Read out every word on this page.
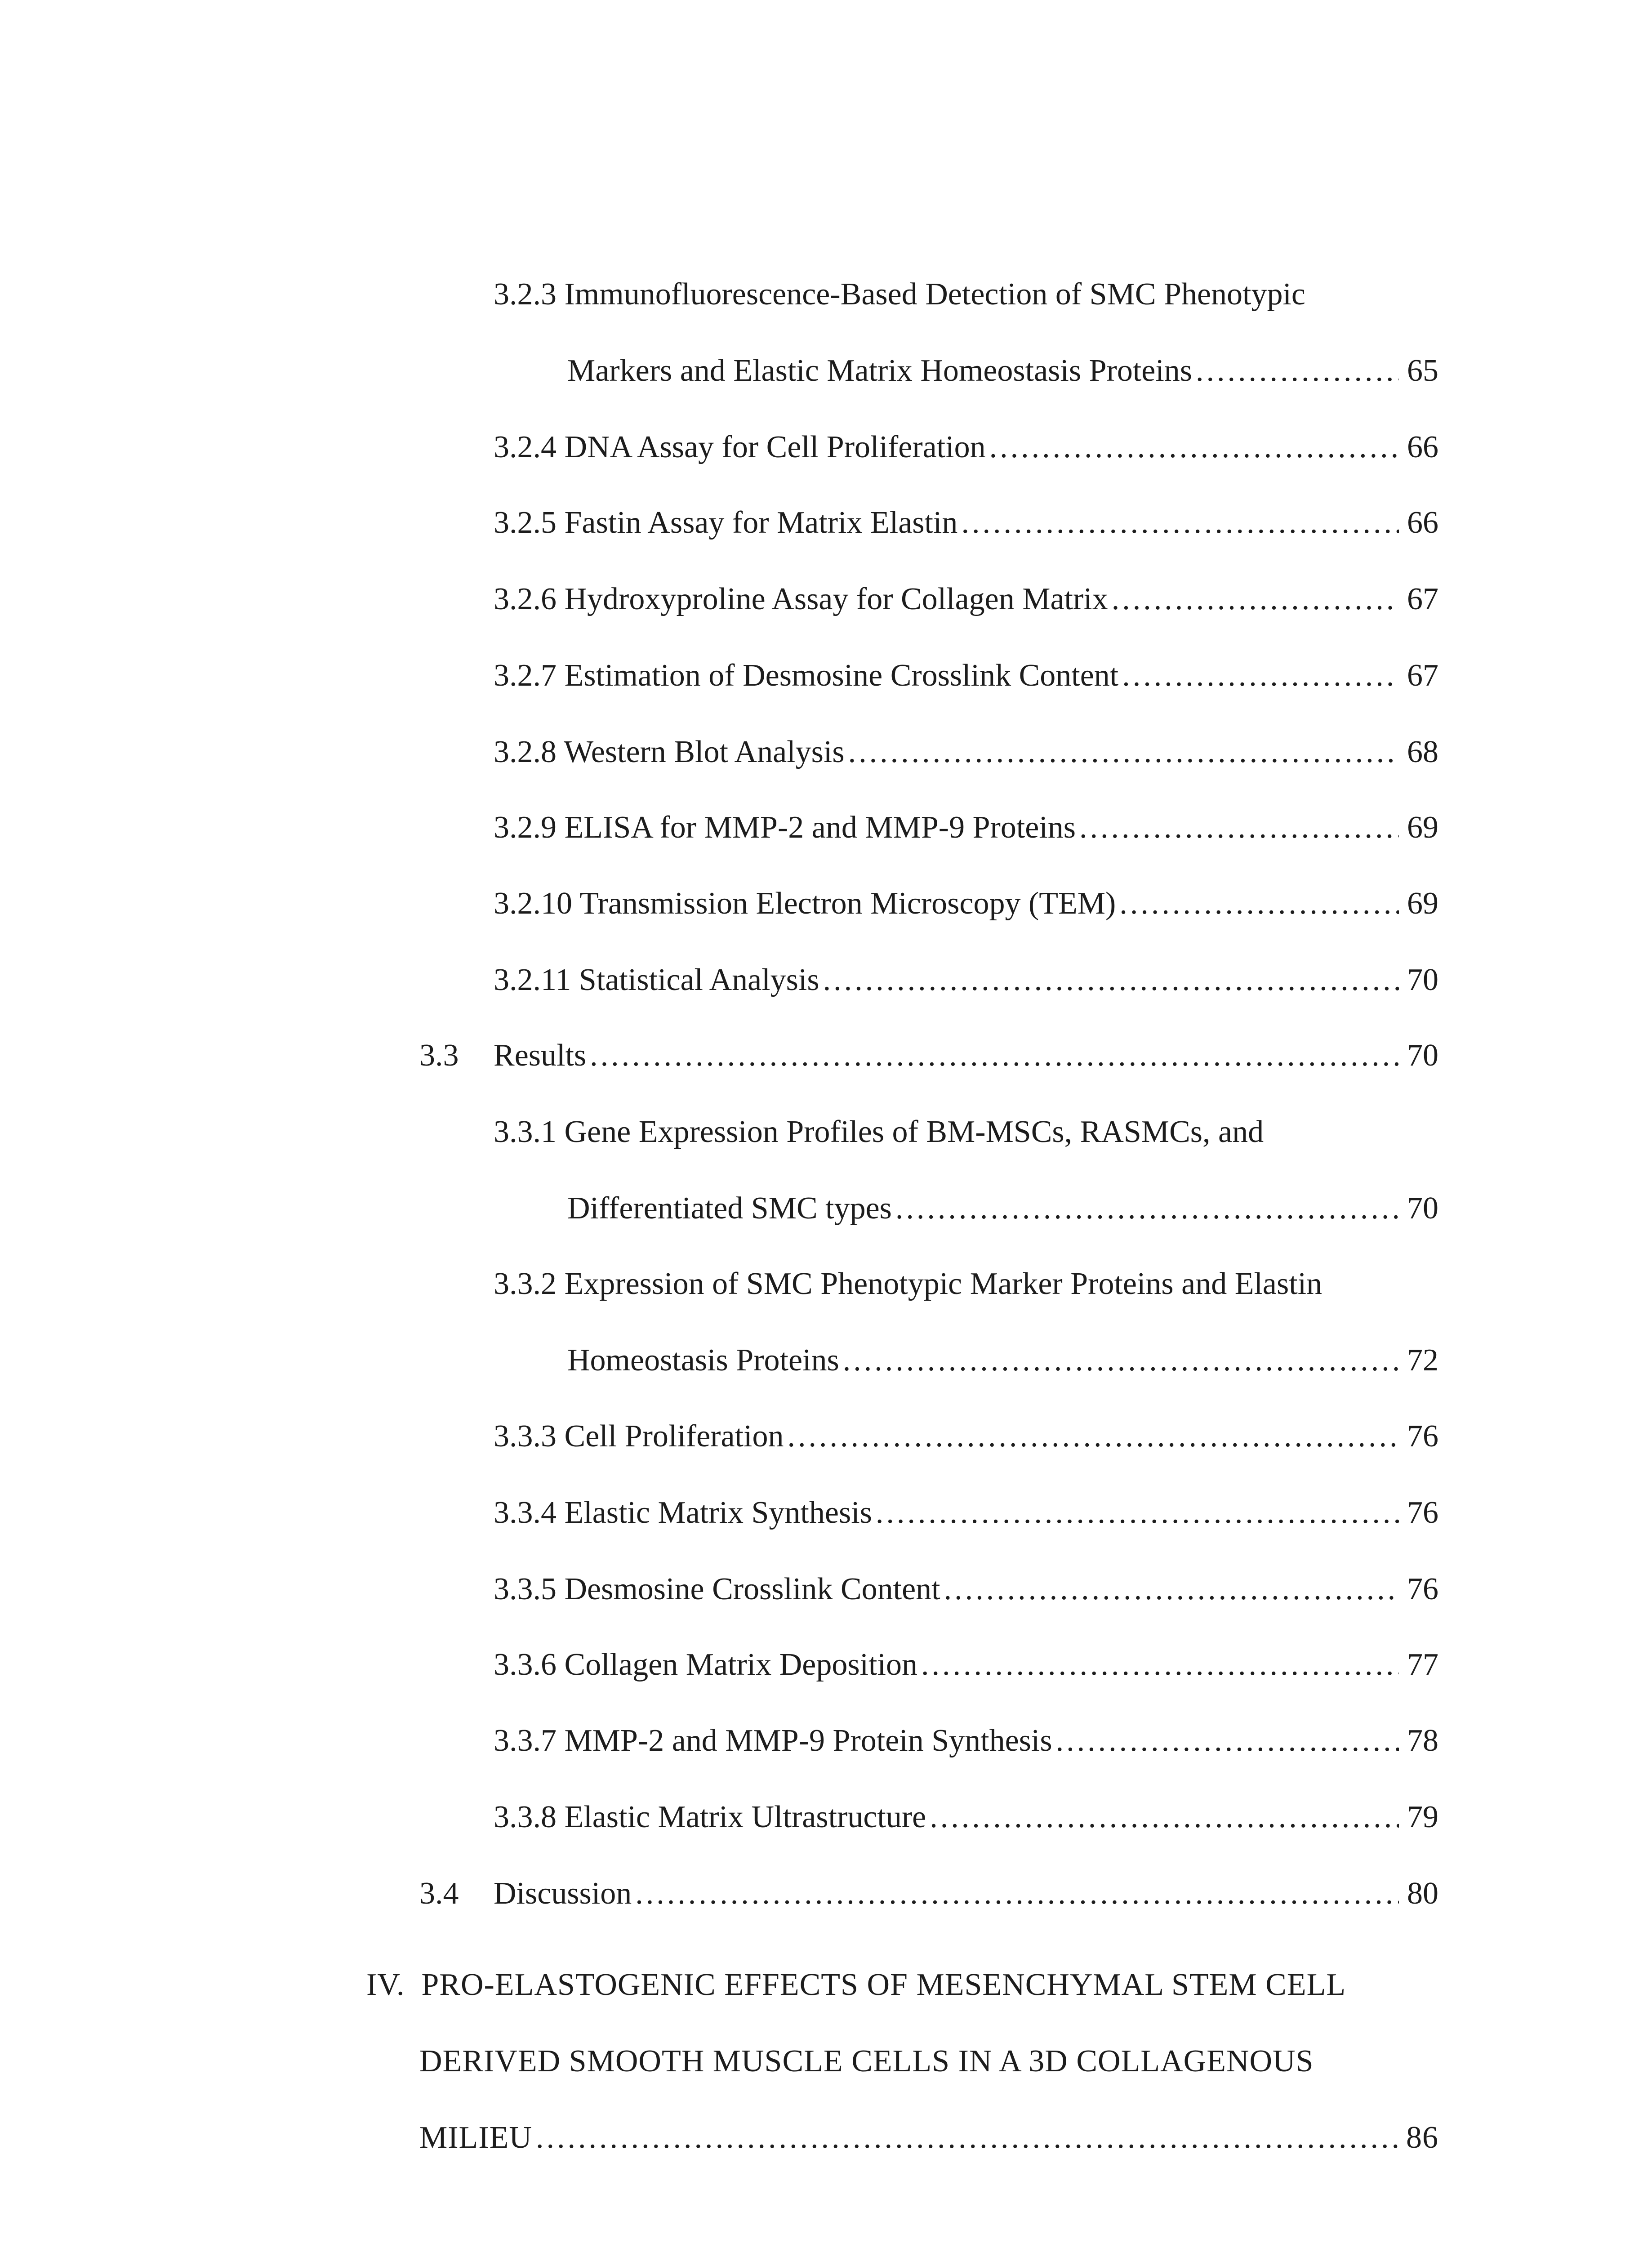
3.2.3 Immunofluorescence-Based Detection of SMC Phenotypic
Markers and Elastic Matrix Homeostasis Proteins .....	65
3.2.4 DNA Assay for Cell Proliferation .....	66
3.2.5 Fastin Assay for Matrix Elastin .....	66
3.2.6 Hydroxyproline Assay for Collagen Matrix .....	67
3.2.7 Estimation of Desmosine Crosslink Content .....	67
3.2.8 Western Blot Analysis .....	68
3.2.9 ELISA for MMP-2 and MMP-9 Proteins .....	69
3.2.10 Transmission Electron Microscopy (TEM) .....	69
3.2.11 Statistical Analysis .....	70
3.3	Results .....	70
3.3.1 Gene Expression Profiles of BM-MSCs, RASMCs, and
Differentiated SMC types .....	70
3.3.2 Expression of SMC Phenotypic Marker Proteins and Elastin
Homeostasis Proteins .....	72
3.3.3 Cell Proliferation .....	76
3.3.4 Elastic Matrix Synthesis .....	76
3.3.5 Desmosine Crosslink Content .....	76
3.3.6 Collagen Matrix Deposition .....	77
3.3.7 MMP-2 and MMP-9 Protein Synthesis .....	78
3.3.8 Elastic Matrix Ultrastructure .....	79
3.4	Discussion .....	80
IV.  PRO-ELASTOGENIC EFFECTS OF MESENCHYMAL STEM CELL
DERIVED SMOOTH MUSCLE CELLS IN A 3D COLLAGENOUS
MILIEU .....	86
